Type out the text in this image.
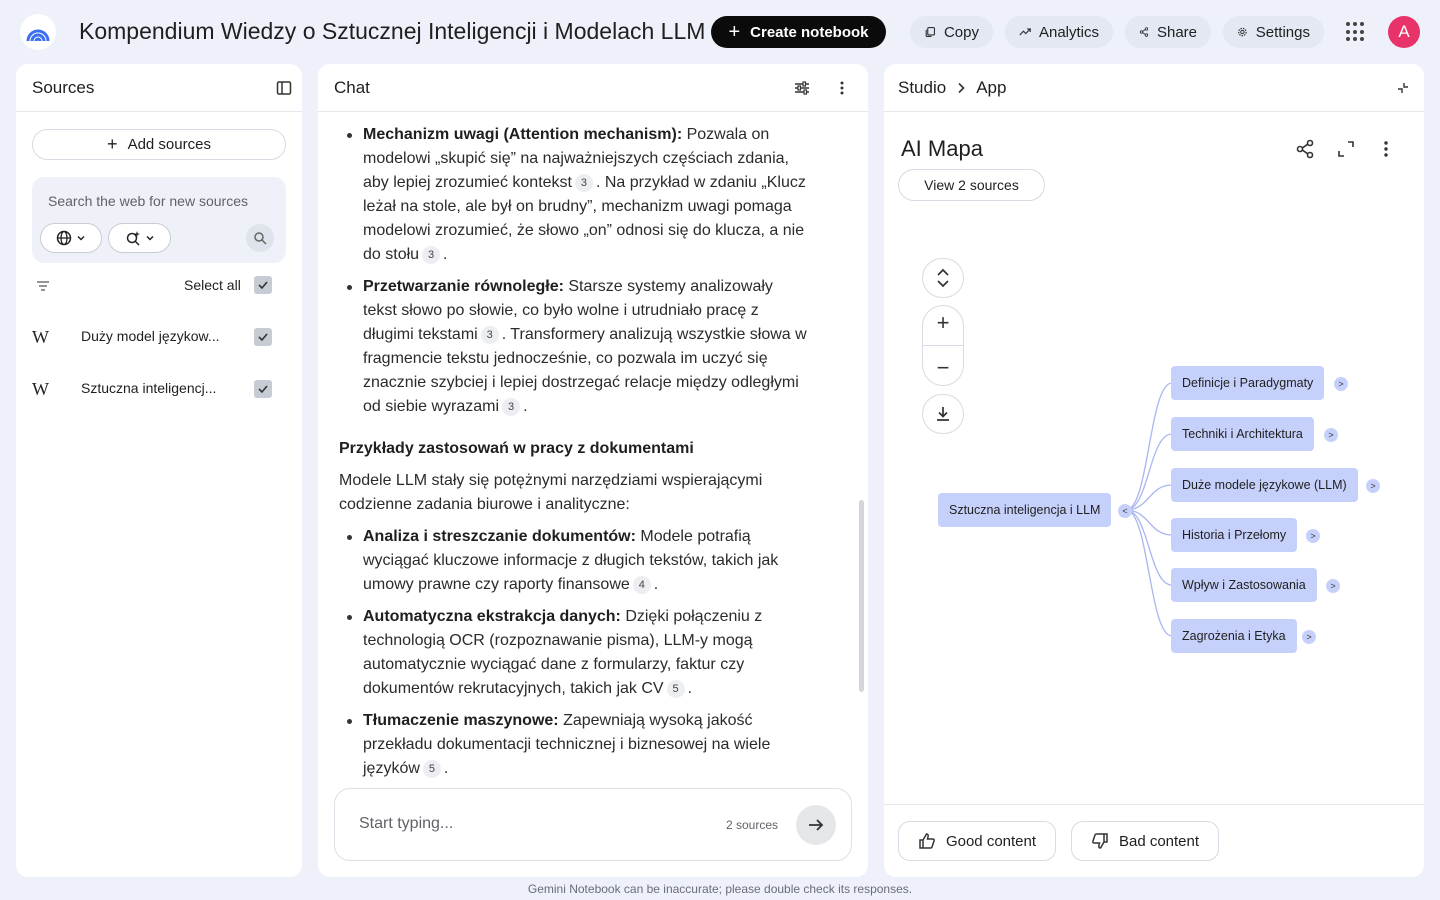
Kompendium Wiedzy o Sztucznej Inteligencji i Modelach LLM + Create notebook	Copy	Analytics	Share	Settings	A
Sources
+ Add sources
Search the web for new sources
Select all
W Duży model językow...
W Sztuczna inteligencj...
Chat
Mechanizm uwagi (Attention mechanism): Pozwala on modelowi „skupić się” na najważniejszych częściach zdania, aby lepiej zrozumieć kontekst 3 . Na przykład w zdaniu „Klucz leżał na stole, ale był on brudny”, mechanizm uwagi pomaga modelowi zrozumieć, że słowo „on” odnosi się do klucza, a nie do stołu 3 .
Przetwarzanie równoległe: Starsze systemy analizowały tekst słowo po słowie, co było wolne i utrudniało pracę z długimi tekstami 3 . Transformery analizują wszystkie słowa w fragmencie tekstu jednocześnie, co pozwala im uczyć się znacznie szybciej i lepiej dostrzegać relacje między odległymi od siebie wyrazami 3 .
Przykłady zastosowań w pracy z dokumentami
Modele LLM stały się potężnymi narzędziami wspierającymi codzienne zadania biurowe i analityczne:
Analiza i streszczanie dokumentów: Modele potrafią wyciągać kluczowe informacje z długich tekstów, takich jak umowy prawne czy raporty finansowe 4 .
Automatyczna ekstrakcja danych: Dzięki połączeniu z technologią OCR (rozpoznawanie pisma), LLM-y mogą automatycznie wyciągać dane z formularzy, faktur czy dokumentów rekrutacyjnych, takich jak CV 5 .
Tłumaczenie maszynowe: Zapewniają wysoką jakość przekładu dokumentacji technicznej i biznesowej na wiele języków 5 .
Start typing...	2 sources
Studio App
AI Mapa
View 2 sources
+
−
Sztuczna inteligencja i LLM	<
Definicje i Paradygmaty	>
Techniki i Architektura	>
Duże modele językowe (LLM)	>
Historia i Przełomy	>
Wpływ i Zastosowania	>
Zagrożenia i Etyka	>
Good content	Bad content
Gemini Notebook can be inaccurate; please double check its responses.
